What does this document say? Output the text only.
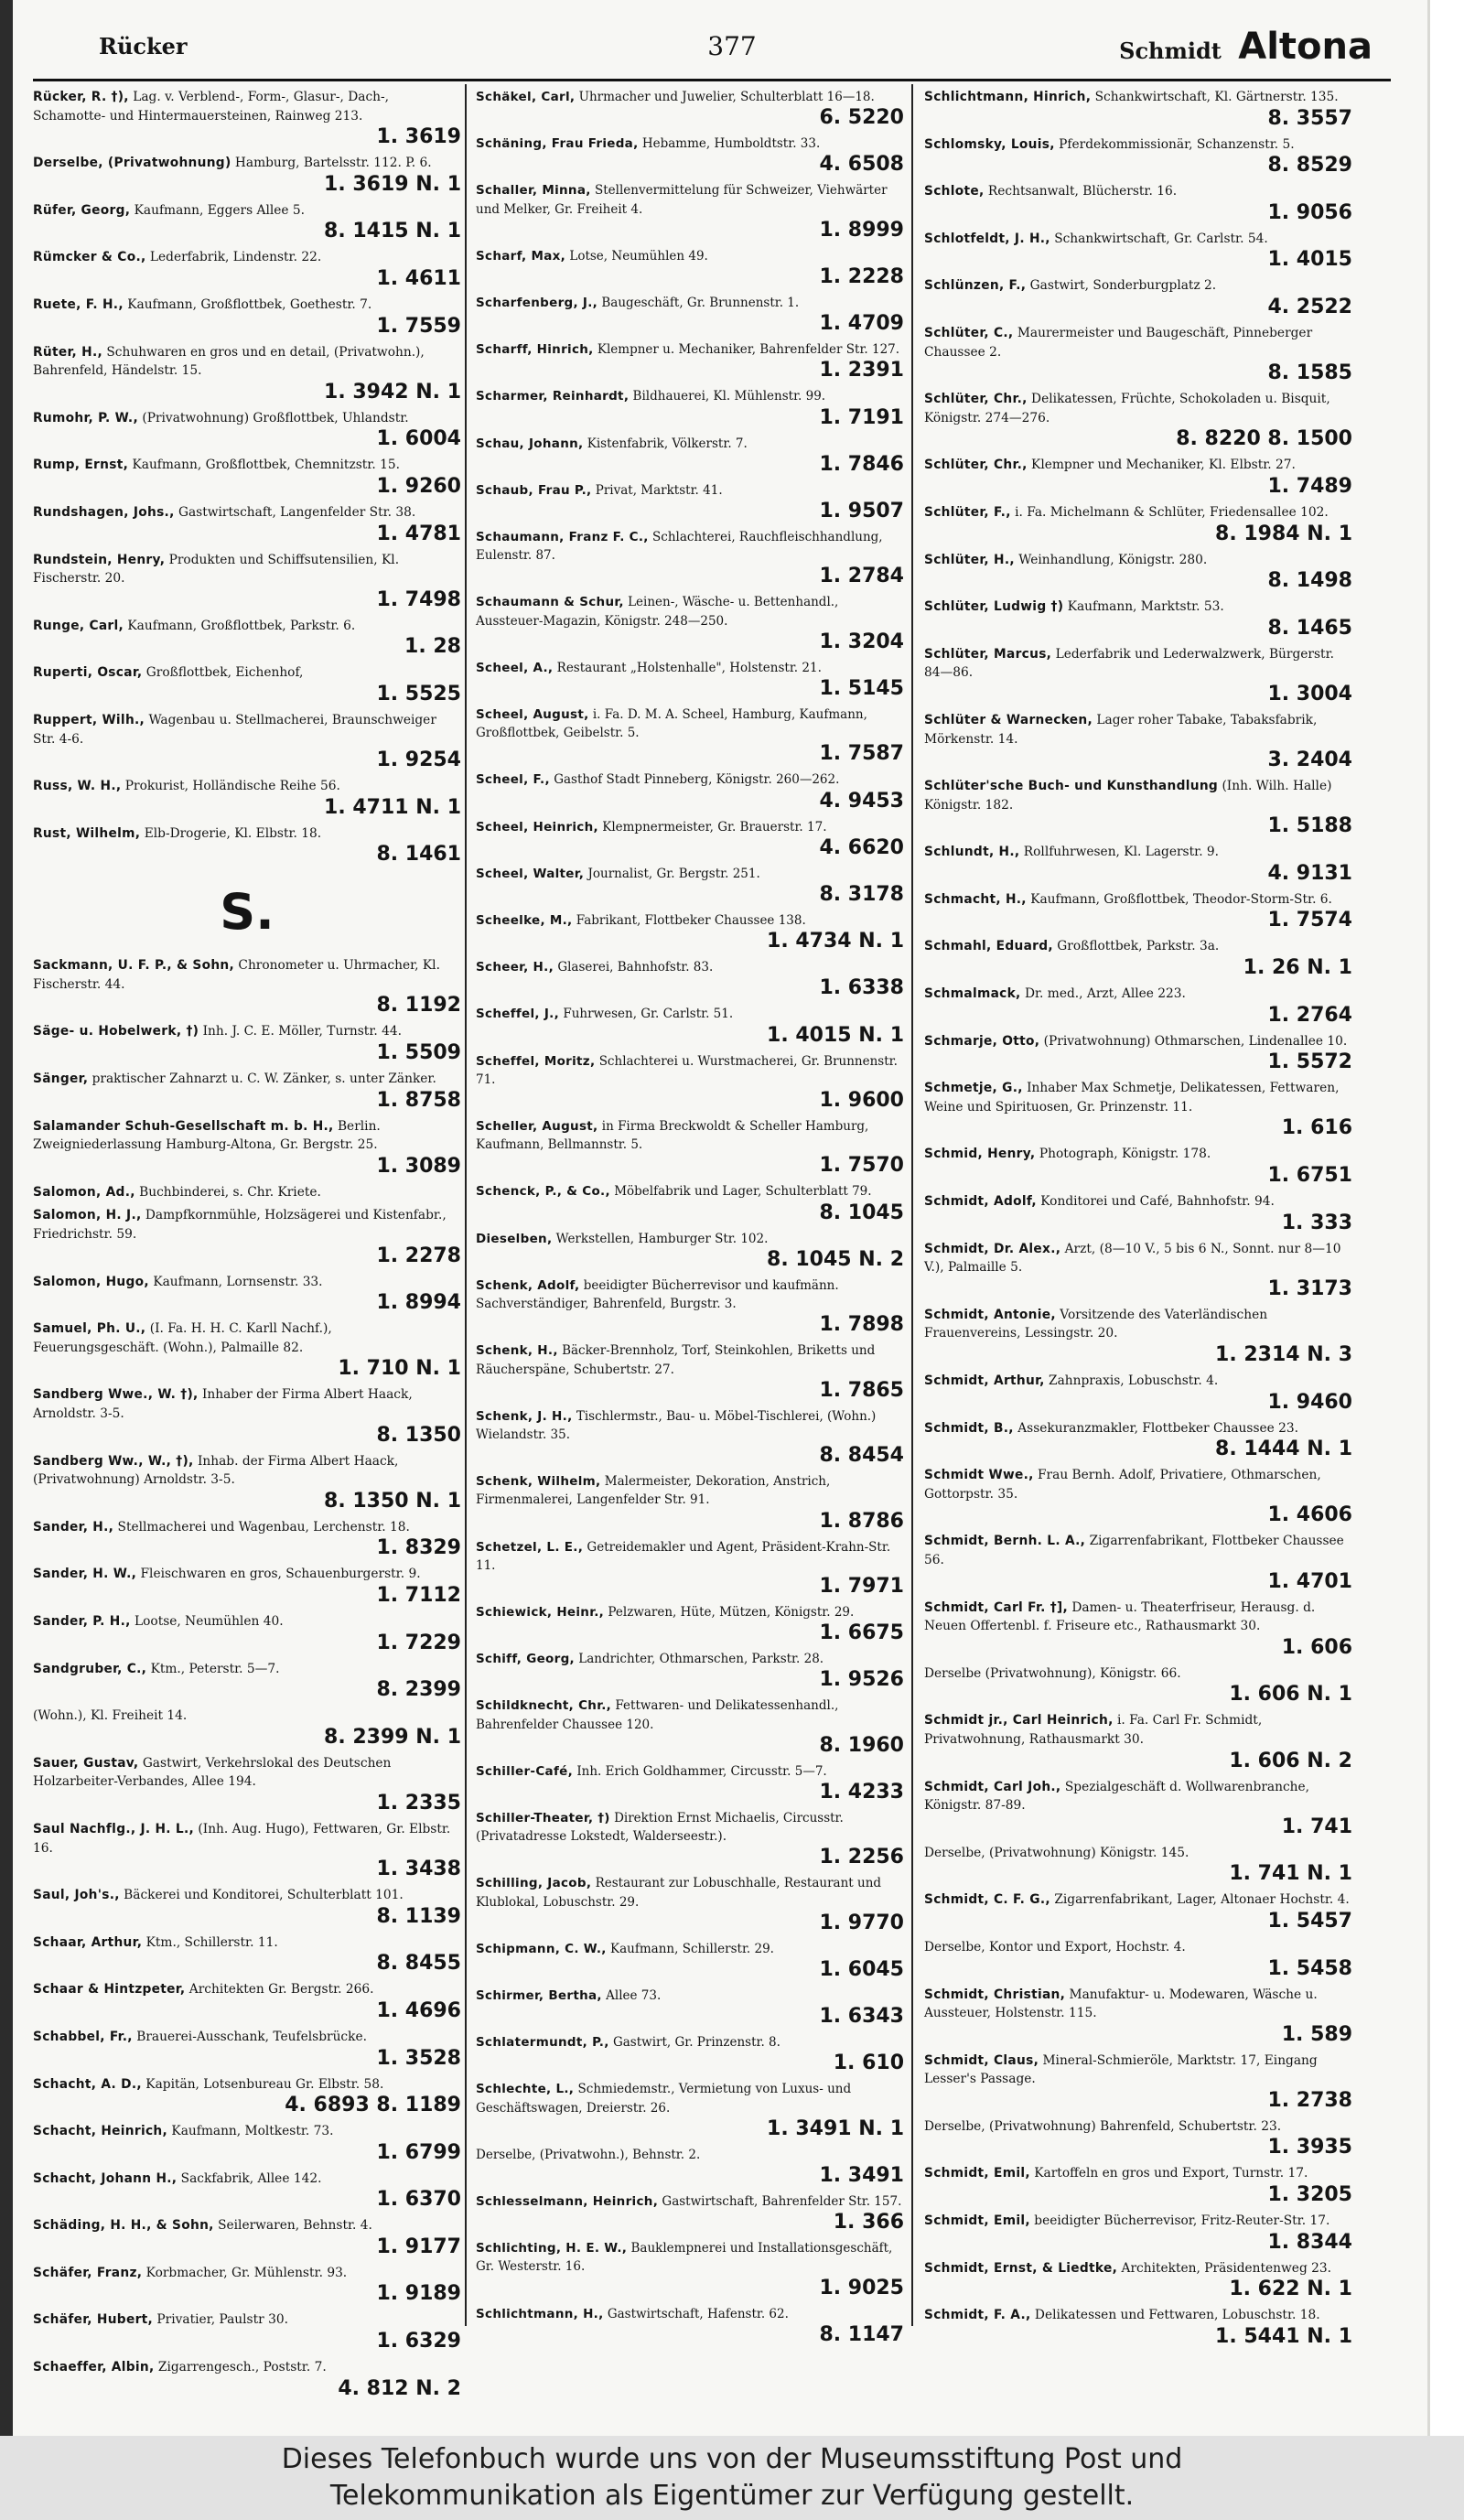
Rücker	377	Schmidt Altona
Rücker, R. †), Lag. v. Verblend-, Form-, Glasur-, Dach-, Schamotte- und Hintermauersteinen, Rainweg 213.
1. 3619
Derselbe, (Privatwohnung) Hamburg, Bartelsstr. 112. P. 6.
1. 3619 N. 1
Rüfer, Georg, Kaufmann, Eggers Allee 5.
8. 1415 N. 1
Rümcker & Co., Lederfabrik, Lindenstr. 22.
1. 4611
Ruete, F. H., Kaufmann, Großflottbek, Goethestr. 7.
1. 7559
Rüter, H., Schuhwaren en gros und en detail, (Privatwohn.), Bahrenfeld, Händelstr. 15.
1. 3942 N. 1
Rumohr, P. W., (Privatwohnung) Großflottbek, Uhlandstr.
1. 6004
Rump, Ernst, Kaufmann, Großflottbek, Chemnitzstr. 15.
1. 9260
Rundshagen, Johs., Gastwirtschaft, Langenfelder Str. 38.
1. 4781
Rundstein, Henry, Produkten und Schiffsutensilien, Kl. Fischerstr. 20.
1. 7498
Runge, Carl, Kaufmann, Großflottbek, Parkstr. 6.
1. 28
Ruperti, Oscar, Großflottbek, Eichenhof,
1. 5525
Ruppert, Wilh., Wagenbau u. Stellmacherei, Braunschweiger Str. 4-6.
1. 9254
Russ, W. H., Prokurist, Holländische Reihe 56.
1. 4711 N. 1
Rust, Wilhelm, Elb-Drogerie, Kl. Elbstr. 18.
8. 1461
S.
Sackmann, U. F. P., & Sohn, Chronometer u. Uhrmacher, Kl. Fischerstr. 44.
8. 1192
Säge- u. Hobelwerk, †) Inh. J. C. E. Möller, Turnstr. 44.
1. 5509
Sänger, praktischer Zahnarzt u. C. W. Zänker, s. unter Zänker.
1. 8758
Salamander Schuh-Gesellschaft m. b. H., Berlin. Zweigniederlassung Hamburg-Altona, Gr. Bergstr. 25.
1. 3089
Salomon, Ad., Buchbinderei, s. Chr. Kriete.
Salomon, H. J., Dampfkornmühle, Holzsägerei und Kistenfabr., Friedrichstr. 59.
1. 2278
Salomon, Hugo, Kaufmann, Lornsenstr. 33.
1. 8994
Samuel, Ph. U., (I. Fa. H. H. C. Karll Nachf.), Feuerungsgeschäft. (Wohn.), Palmaille 82.
1. 710 N. 1
Sandberg Wwe., W. †), Inhaber der Firma Albert Haack, Arnoldstr. 3-5.
8. 1350
Sandberg Ww., W., †), Inhab. der Firma Albert Haack, (Privatwohnung) Arnoldstr. 3-5.
8. 1350 N. 1
Sander, H., Stellmacherei und Wagenbau, Lerchenstr. 18.
1. 8329
Sander, H. W., Fleischwaren en gros, Schauenburgerstr. 9.
1. 7112
Sander, P. H., Lootse, Neumühlen 40.
1. 7229
Sandgruber, C., Ktm., Peterstr. 5—7.
8. 2399
(Wohn.), Kl. Freiheit 14.
8. 2399 N. 1
Sauer, Gustav, Gastwirt, Verkehrslokal des Deutschen Holzarbeiter-Verbandes, Allee 194.
1. 2335
Saul Nachflg., J. H. L., (Inh. Aug. Hugo), Fettwaren, Gr. Elbstr. 16.
1. 3438
Saul, Joh's., Bäckerei und Konditorei, Schulterblatt 101.
8. 1139
Schaar, Arthur, Ktm., Schillerstr. 11.
8. 8455
Schaar & Hintzpeter, Architekten Gr. Bergstr. 266.
1. 4696
Schabbel, Fr., Brauerei-Ausschank, Teufelsbrücke.
1. 3528
Schacht, A. D., Kapitän, Lotsenbureau Gr. Elbstr. 58.
4. 6893 8. 1189
Schacht, Heinrich, Kaufmann, Moltkestr. 73.
1. 6799
Schacht, Johann H., Sackfabrik, Allee 142.
1. 6370
Schäding, H. H., & Sohn, Seilerwaren, Behnstr. 4.
1. 9177
Schäfer, Franz, Korbmacher, Gr. Mühlenstr. 93.
1. 9189
Schäfer, Hubert, Privatier, Paulstr 30.
1. 6329
Schaeffer, Albin, Zigarrengesch., Poststr. 7.
4. 812 N. 2
Schäkel, Carl, Uhrmacher und Juwelier, Schulterblatt 16—18.
6. 5220
Schäning, Frau Frieda, Hebamme, Humboldtstr. 33.
4. 6508
Schaller, Minna, Stellenvermittelung für Schweizer, Viehwärter und Melker, Gr. Freiheit 4.
1. 8999
Scharf, Max, Lotse, Neumühlen 49.
1. 2228
Scharfenberg, J., Baugeschäft, Gr. Brunnenstr. 1.
1. 4709
Scharff, Hinrich, Klempner u. Mechaniker, Bahrenfelder Str. 127.
1. 2391
Scharmer, Reinhardt, Bildhauerei, Kl. Mühlenstr. 99.
1. 7191
Schau, Johann, Kistenfabrik, Völkerstr. 7.
1. 7846
Schaub, Frau P., Privat, Marktstr. 41.
1. 9507
Schaumann, Franz F. C., Schlachterei, Rauchfleischhandlung, Eulenstr. 87.
1. 2784
Schaumann & Schur, Leinen-, Wäsche- u. Bettenhandl., Aussteuer-Magazin, Königstr. 248—250.
1. 3204
Scheel, A., Restaurant „Holstenhalle", Holstenstr. 21.
1. 5145
Scheel, August, i. Fa. D. M. A. Scheel, Hamburg, Kaufmann, Großflottbek, Geibelstr. 5.
1. 7587
Scheel, F., Gasthof Stadt Pinneberg, Königstr. 260—262.
4. 9453
Scheel, Heinrich, Klempnermeister, Gr. Brauerstr. 17.
4. 6620
Scheel, Walter, Journalist, Gr. Bergstr. 251.
8. 3178
Scheelke, M., Fabrikant, Flottbeker Chaussee 138.
1. 4734 N. 1
Scheer, H., Glaserei, Bahnhofstr. 83.
1. 6338
Scheffel, J., Fuhrwesen, Gr. Carlstr. 51.
1. 4015 N. 1
Scheffel, Moritz, Schlachterei u. Wurstmacherei, Gr. Brunnenstr. 71.
1. 9600
Scheller, August, in Firma Breckwoldt & Scheller Hamburg, Kaufmann, Bellmannstr. 5.
1. 7570
Schenck, P., & Co., Möbelfabrik und Lager, Schulterblatt 79.
8. 1045
Dieselben, Werkstellen, Hamburger Str. 102.
8. 1045 N. 2
Schenk, Adolf, beeidigter Bücherrevisor und kaufmänn. Sachverständiger, Bahrenfeld, Burgstr. 3.
1. 7898
Schenk, H., Bäcker-Brennholz, Torf, Steinkohlen, Briketts und Räucherspäne, Schubertstr. 27.
1. 7865
Schenk, J. H., Tischlermstr., Bau- u. Möbel-Tischlerei, (Wohn.) Wielandstr. 35.
8. 8454
Schenk, Wilhelm, Malermeister, Dekoration, Anstrich, Firmenmalerei, Langenfelder Str. 91.
1. 8786
Schetzel, L. E., Getreidemakler und Agent, Präsident-Krahn-Str. 11.
1. 7971
Schiewick, Heinr., Pelzwaren, Hüte, Mützen, Königstr. 29.
1. 6675
Schiff, Georg, Landrichter, Othmarschen, Parkstr. 28.
1. 9526
Schildknecht, Chr., Fettwaren- und Delikatessenhandl., Bahrenfelder Chaussee 120.
8. 1960
Schiller-Café, Inh. Erich Goldhammer, Circusstr. 5—7.
1. 4233
Schiller-Theater, †) Direktion Ernst Michaelis, Circusstr. (Privatadresse Lokstedt, Walderseestr.).
1. 2256
Schilling, Jacob, Restaurant zur Lobuschhalle, Restaurant und Klublokal, Lobuschstr. 29.
1. 9770
Schipmann, C. W., Kaufmann, Schillerstr. 29.
1. 6045
Schirmer, Bertha, Allee 73.
1. 6343
Schlatermundt, P., Gastwirt, Gr. Prinzenstr. 8.
1. 610
Schlechte, L., Schmiedemstr., Vermietung von Luxus- und Geschäftswagen, Dreierstr. 26.
1. 3491 N. 1
Derselbe, (Privatwohn.), Behnstr. 2.
1. 3491
Schlesselmann, Heinrich, Gastwirtschaft, Bahrenfelder Str. 157.
1. 366
Schlichting, H. E. W., Bauklempnerei und Installationsgeschäft, Gr. Westerstr. 16.
1. 9025
Schlichtmann, H., Gastwirtschaft, Hafenstr. 62.
8. 1147
Schlichtmann, Hinrich, Schankwirtschaft, Kl. Gärtnerstr. 135.
8. 3557
Schlomsky, Louis, Pferdekommissionär, Schanzenstr. 5.
8. 8529
Schlote, Rechtsanwalt, Blücherstr. 16.
1. 9056
Schlotfeldt, J. H., Schankwirtschaft, Gr. Carlstr. 54.
1. 4015
Schlünzen, F., Gastwirt, Sonderburgplatz 2.
4. 2522
Schlüter, C., Maurermeister und Baugeschäft, Pinneberger Chaussee 2.
8. 1585
Schlüter, Chr., Delikatessen, Früchte, Schokoladen u. Bisquit, Königstr. 274—276.
8. 8220 8. 1500
Schlüter, Chr., Klempner und Mechaniker, Kl. Elbstr. 27.
1. 7489
Schlüter, F., i. Fa. Michelmann & Schlüter, Friedensallee 102.
8. 1984 N. 1
Schlüter, H., Weinhandlung, Königstr. 280.
8. 1498
Schlüter, Ludwig †) Kaufmann, Marktstr. 53.
8. 1465
Schlüter, Marcus, Lederfabrik und Lederwalzwerk, Bürgerstr. 84—86.
1. 3004
Schlüter & Warnecken, Lager roher Tabake, Tabaksfabrik, Mörkenstr. 14.
3. 2404
Schlüter'sche Buch- und Kunsthandlung (Inh. Wilh. Halle) Königstr. 182.
1. 5188
Schlundt, H., Rollfuhrwesen, Kl. Lagerstr. 9.
4. 9131
Schmacht, H., Kaufmann, Großflottbek, Theodor-Storm-Str. 6.
1. 7574
Schmahl, Eduard, Großflottbek, Parkstr. 3a.
1. 26 N. 1
Schmalmack, Dr. med., Arzt, Allee 223.
1. 2764
Schmarje, Otto, (Privatwohnung) Othmarschen, Lindenallee 10.
1. 5572
Schmetje, G., Inhaber Max Schmetje, Delikatessen, Fettwaren, Weine und Spirituosen, Gr. Prinzenstr. 11.
1. 616
Schmid, Henry, Photograph, Königstr. 178.
1. 6751
Schmidt, Adolf, Konditorei und Café, Bahnhofstr. 94.
1. 333
Schmidt, Dr. Alex., Arzt, (8—10 V., 5 bis 6 N., Sonnt. nur 8—10 V.), Palmaille 5.
1. 3173
Schmidt, Antonie, Vorsitzende des Vaterländischen Frauenvereins, Lessingstr. 20.
1. 2314 N. 3
Schmidt, Arthur, Zahnpraxis, Lobuschstr. 4.
1. 9460
Schmidt, B., Assekuranzmakler, Flottbeker Chaussee 23.
8. 1444 N. 1
Schmidt Wwe., Frau Bernh. Adolf, Privatiere, Othmarschen, Gottorpstr. 35.
1. 4606
Schmidt, Bernh. L. A., Zigarrenfabrikant, Flottbeker Chaussee 56.
1. 4701
Schmidt, Carl Fr. †], Damen- u. Theaterfriseur, Herausg. d. Neuen Offertenbl. f. Friseure etc., Rathausmarkt 30.
1. 606
Derselbe (Privatwohnung), Königstr. 66.
1. 606 N. 1
Schmidt jr., Carl Heinrich, i. Fa. Carl Fr. Schmidt, Privatwohnung, Rathausmarkt 30.
1. 606 N. 2
Schmidt, Carl Joh., Spezialgeschäft d. Wollwarenbranche, Königstr. 87-89.
1. 741
Derselbe, (Privatwohnung) Königstr. 145.
1. 741 N. 1
Schmidt, C. F. G., Zigarrenfabrikant, Lager, Altonaer Hochstr. 4.
1. 5457
Derselbe, Kontor und Export, Hochstr. 4.
1. 5458
Schmidt, Christian, Manufaktur- u. Modewaren, Wäsche u. Aussteuer, Holstenstr. 115.
1. 589
Schmidt, Claus, Mineral-Schmieröle, Marktstr. 17, Eingang Lesser's Passage.
1. 2738
Derselbe, (Privatwohnung) Bahrenfeld, Schubertstr. 23.
1. 3935
Schmidt, Emil, Kartoffeln en gros und Export, Turnstr. 17.
1. 3205
Schmidt, Emil, beeidigter Bücherrevisor, Fritz-Reuter-Str. 17.
1. 8344
Schmidt, Ernst, & Liedtke, Architekten, Präsidentenweg 23.
1. 622 N. 1
Schmidt, F. A., Delikatessen und Fettwaren, Lobuschstr. 18.
1. 5441 N. 1
Dieses Telefonbuch wurde uns von der Museumsstiftung Post und
Telekommunikation als Eigentümer zur Verfügung gestellt.
